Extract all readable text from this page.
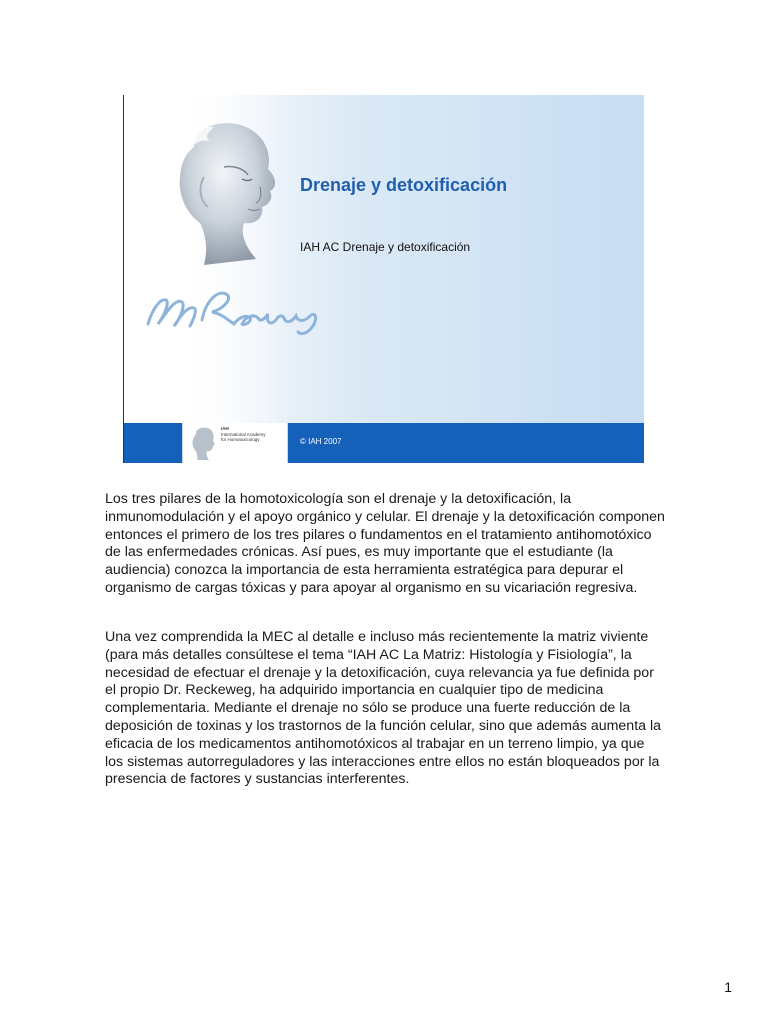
Drenaje y detoxificación
IAH AC Drenaje y detoxificación
IAH
International Academy
for Homotoxicology	© IAH 2007

Los tres pilares de la homotoxicología son el drenaje y la detoxificación, la inmunomodulación y el apoyo orgánico y celular. El drenaje y la detoxificación componen entonces el primero de los tres pilares o fundamentos en el tratamiento antihomotóxico de las enfermedades crónicas. Así pues, es muy importante que el estudiante (la audiencia) conozca la importancia de esta herramienta estratégica para depurar el organismo de cargas tóxicas y para apoyar al organismo en su vicariación regresiva.

Una vez comprendida la MEC al detalle e incluso más recientemente la matriz viviente (para más detalles consúltese el tema “IAH AC La Matriz: Histología y Fisiología”, la necesidad de efectuar el drenaje y la detoxificación, cuya relevancia ya fue definida por el propio Dr. Reckeweg, ha adquirido importancia en cualquier tipo de medicina complementaria. Mediante el drenaje no sólo se produce una fuerte reducción de la deposición de toxinas y los trastornos de la función celular, sino que además aumenta la eficacia de los medicamentos antihomotóxicos al trabajar en un terreno limpio, ya que los sistemas autorreguladores y las interacciones entre ellos no están bloqueados por la presencia de factores y sustancias interferentes.

1
